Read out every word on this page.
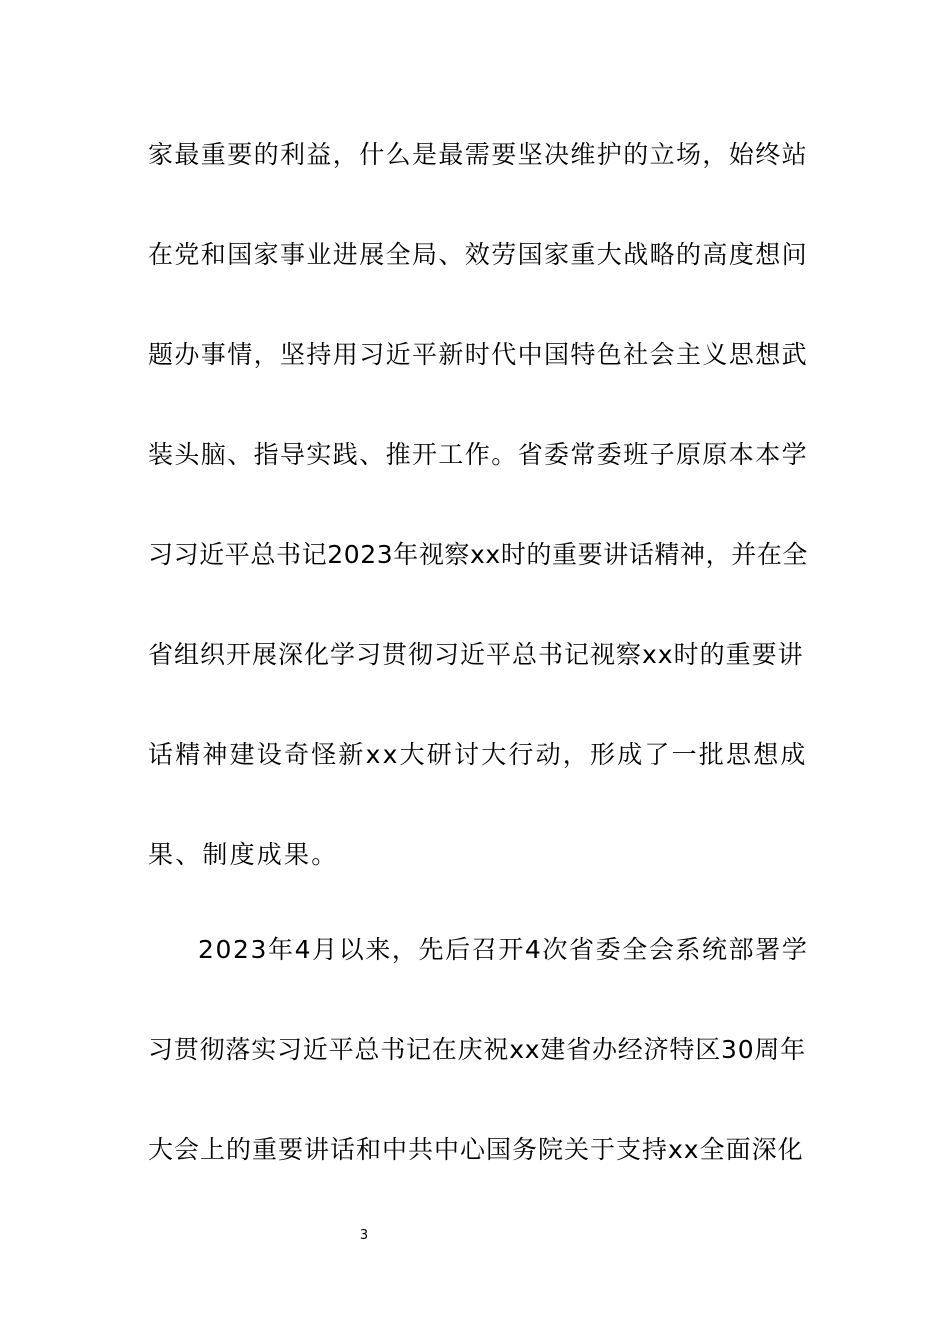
家最重要的利益，什么是最需要坚决维护的立场，始终站
在党和国家事业进展全局、效劳国家重大战略的高度想问
题办事情，坚持用习近平新时代中国特色社会主义思想武
装头脑、指导实践、推开工作。省委常委班子原原本本学
习习近平总书记2023年视察xx时的重要讲话精神，并在全
省组织开展深化学习贯彻习近平总书记视察xx时的重要讲
话精神建设奇怪新xx大研讨大行动，形成了一批思想成
果、制度成果。
2023年4月以来，先后召开4次省委全会系统部署学
习贯彻落实习近平总书记在庆祝xx建省办经济特区30周年
大会上的重要讲话和中共中心国务院关于支持xx全面深化
3
